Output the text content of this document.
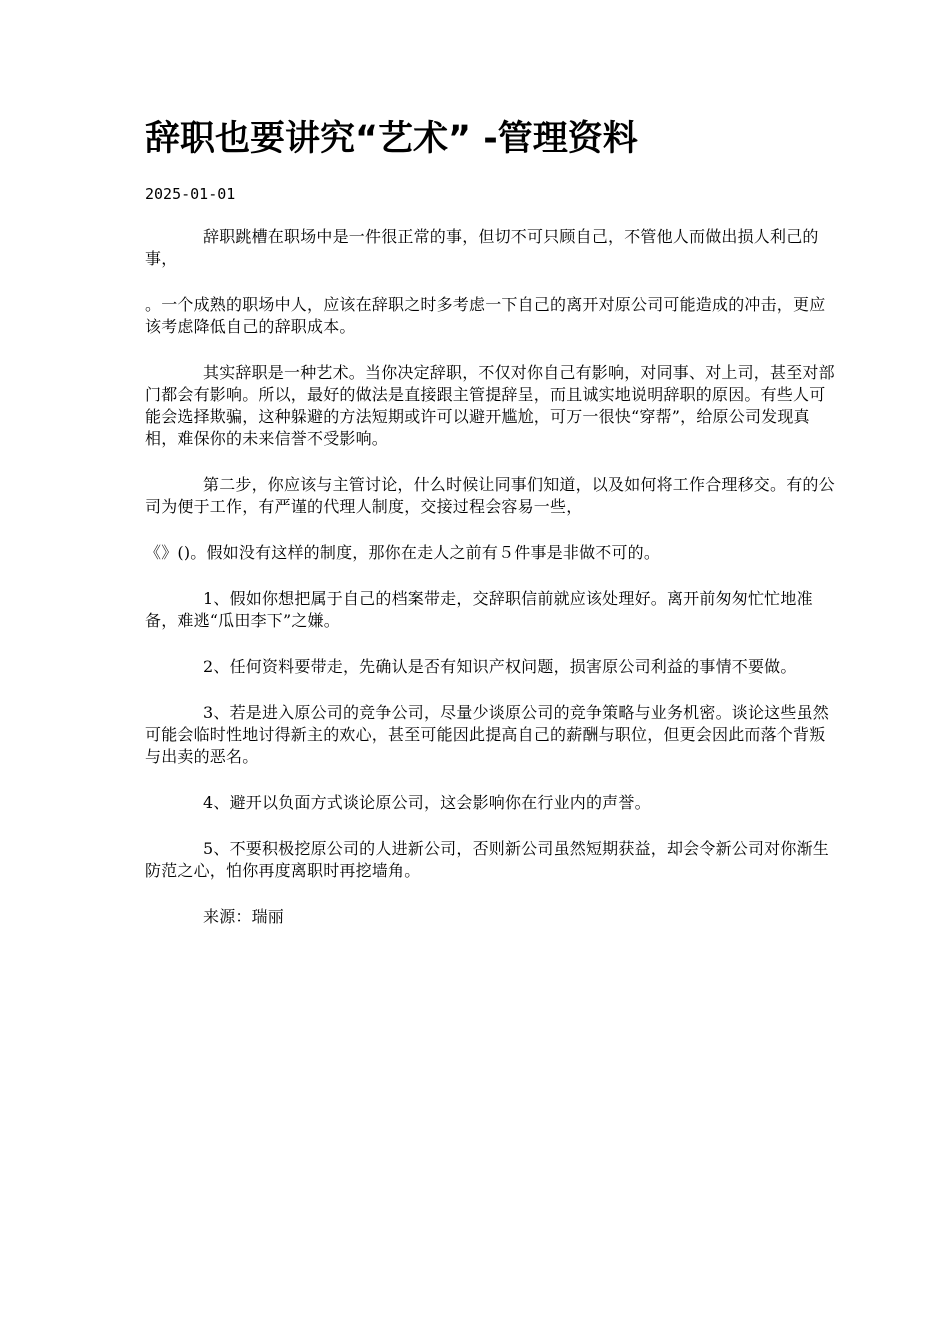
辞职也要讲究“艺术” -管理资料
2025-01-01

辞职跳槽在职场中是一件很正常的事，但切不可只顾自己，不管他人而做出损人利己的事，

。一个成熟的职场中人，应该在辞职之时多考虑一下自己的离开对原公司可能造成的冲击，更应该考虑降低自己的辞职成本。

其实辞职是一种艺术。当你决定辞职，不仅对你自己有影响，对同事、对上司，甚至对部门都会有影响。所以，最好的做法是直接跟主管提辞呈，而且诚实地说明辞职的原因。有些人可能会选择欺骗，这种躲避的方法短期或许可以避开尴尬，可万一很快“穿帮”，给原公司发现真相，难保你的未来信誉不受影响。

第二步，你应该与主管讨论，什么时候让同事们知道，以及如何将工作合理移交。有的公司为便于工作，有严谨的代理人制度，交接过程会容易一些，

《》()。假如没有这样的制度，那你在走人之前有５件事是非做不可的。

1、假如你想把属于自己的档案带走，交辞职信前就应该处理好。离开前匆匆忙忙地准备，难逃“瓜田李下”之嫌。

2、任何资料要带走，先确认是否有知识产权问题，损害原公司利益的事情不要做。

3、若是进入原公司的竞争公司，尽量少谈原公司的竞争策略与业务机密。谈论这些虽然可能会临时性地讨得新主的欢心，甚至可能因此提高自己的薪酬与职位，但更会因此而落个背叛与出卖的恶名。

4、避开以负面方式谈论原公司，这会影响你在行业内的声誉。

5、不要积极挖原公司的人进新公司，否则新公司虽然短期获益，却会令新公司对你渐生防范之心，怕你再度离职时再挖墙角。

来源：瑞丽
